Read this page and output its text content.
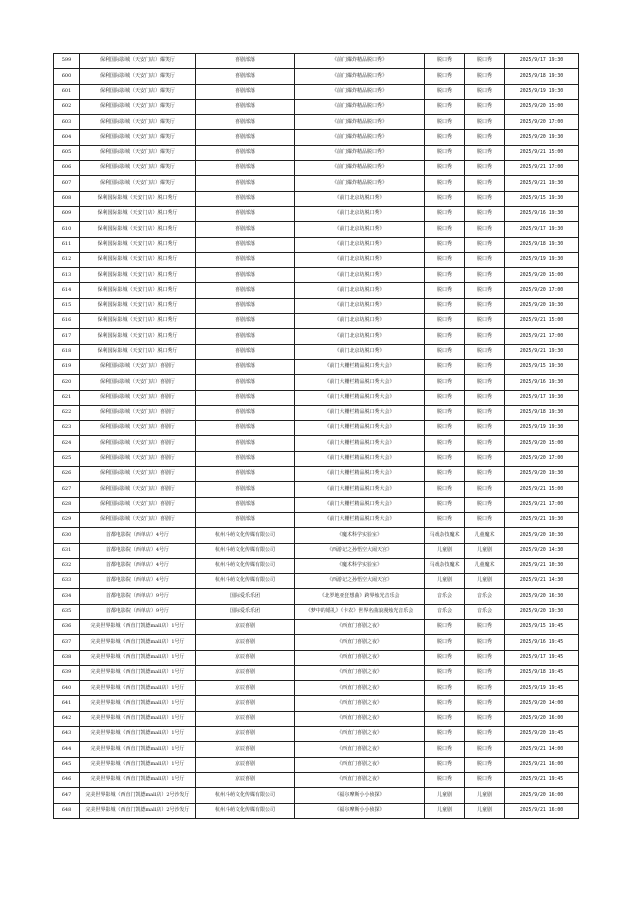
599	保利国际影城（天安门店）爆笑厅	喜剧部落	《前门爆炸精品脱口秀》	脱口秀	脱口秀	2025/9/17 19:30
600	保利国际影城（天安门店）爆笑厅	喜剧部落	《前门爆炸精品脱口秀》	脱口秀	脱口秀	2025/9/18 19:30
601	保利国际影城（天安门店）爆笑厅	喜剧部落	《前门爆炸精品脱口秀》	脱口秀	脱口秀	2025/9/19 19:30
602	保利国际影城（天安门店）爆笑厅	喜剧部落	《前门爆炸精品脱口秀》	脱口秀	脱口秀	2025/9/20 15:00
603	保利国际影城（天安门店）爆笑厅	喜剧部落	《前门爆炸精品脱口秀》	脱口秀	脱口秀	2025/9/20 17:00
604	保利国际影城（天安门店）爆笑厅	喜剧部落	《前门爆炸精品脱口秀》	脱口秀	脱口秀	2025/9/20 19:30
605	保利国际影城（天安门店）爆笑厅	喜剧部落	《前门爆炸精品脱口秀》	脱口秀	脱口秀	2025/9/21 15:00
606	保利国际影城（天安门店）爆笑厅	喜剧部落	《前门爆炸精品脱口秀》	脱口秀	脱口秀	2025/9/21 17:00
607	保利国际影城（天安门店）爆笑厅	喜剧部落	《前门爆炸精品脱口秀》	脱口秀	脱口秀	2025/9/21 19:30
608	保利国际影城（天安门店）脱口秀厅	喜剧部落	《前门北京坊脱口秀》	脱口秀	脱口秀	2025/9/15 19:30
609	保利国际影城（天安门店）脱口秀厅	喜剧部落	《前门北京坊脱口秀》	脱口秀	脱口秀	2025/9/16 19:30
610	保利国际影城（天安门店）脱口秀厅	喜剧部落	《前门北京坊脱口秀》	脱口秀	脱口秀	2025/9/17 19:30
611	保利国际影城（天安门店）脱口秀厅	喜剧部落	《前门北京坊脱口秀》	脱口秀	脱口秀	2025/9/18 19:30
612	保利国际影城（天安门店）脱口秀厅	喜剧部落	《前门北京坊脱口秀》	脱口秀	脱口秀	2025/9/19 19:30
613	保利国际影城（天安门店）脱口秀厅	喜剧部落	《前门北京坊脱口秀》	脱口秀	脱口秀	2025/9/20 15:00
614	保利国际影城（天安门店）脱口秀厅	喜剧部落	《前门北京坊脱口秀》	脱口秀	脱口秀	2025/9/20 17:00
615	保利国际影城（天安门店）脱口秀厅	喜剧部落	《前门北京坊脱口秀》	脱口秀	脱口秀	2025/9/20 19:30
616	保利国际影城（天安门店）脱口秀厅	喜剧部落	《前门北京坊脱口秀》	脱口秀	脱口秀	2025/9/21 15:00
617	保利国际影城（天安门店）脱口秀厅	喜剧部落	《前门北京坊脱口秀》	脱口秀	脱口秀	2025/9/21 17:00
618	保利国际影城（天安门店）脱口秀厅	喜剧部落	《前门北京坊脱口秀》	脱口秀	脱口秀	2025/9/21 19:30
619	保利国际影城（天安门店）喜剧厅	喜剧部落	《前门大栅栏精品脱口秀大会》	脱口秀	脱口秀	2025/9/15 19:30
620	保利国际影城（天安门店）喜剧厅	喜剧部落	《前门大栅栏精品脱口秀大会》	脱口秀	脱口秀	2025/9/16 19:30
621	保利国际影城（天安门店）喜剧厅	喜剧部落	《前门大栅栏精品脱口秀大会》	脱口秀	脱口秀	2025/9/17 19:30
622	保利国际影城（天安门店）喜剧厅	喜剧部落	《前门大栅栏精品脱口秀大会》	脱口秀	脱口秀	2025/9/18 19:30
623	保利国际影城（天安门店）喜剧厅	喜剧部落	《前门大栅栏精品脱口秀大会》	脱口秀	脱口秀	2025/9/19 19:30
624	保利国际影城（天安门店）喜剧厅	喜剧部落	《前门大栅栏精品脱口秀大会》	脱口秀	脱口秀	2025/9/20 15:00
625	保利国际影城（天安门店）喜剧厅	喜剧部落	《前门大栅栏精品脱口秀大会》	脱口秀	脱口秀	2025/9/20 17:00
626	保利国际影城（天安门店）喜剧厅	喜剧部落	《前门大栅栏精品脱口秀大会》	脱口秀	脱口秀	2025/9/20 19:30
627	保利国际影城（天安门店）喜剧厅	喜剧部落	《前门大栅栏精品脱口秀大会》	脱口秀	脱口秀	2025/9/21 15:00
628	保利国际影城（天安门店）喜剧厅	喜剧部落	《前门大栅栏精品脱口秀大会》	脱口秀	脱口秀	2025/9/21 17:00
629	保利国际影城（天安门店）喜剧厅	喜剧部落	《前门大栅栏精品脱口秀大会》	脱口秀	脱口秀	2025/9/21 19:30
630	首都电影院（西单店）4号厅	杭州斗萌文化传媒有限公司	《魔术科学实验室》	马戏杂技魔术	儿童魔术	2025/9/20 10:30
631	首都电影院（西单店）4号厅	杭州斗萌文化传媒有限公司	《西游记之孙悟空大闹天宫》	儿童剧	儿童剧	2025/9/20 14:30
632	首都电影院（西单店）4号厅	杭州斗萌文化传媒有限公司	《魔术科学实验室》	马戏杂技魔术	儿童魔术	2025/9/21 10:30
633	首都电影院（西单店）4号厅	杭州斗萌文化传媒有限公司	《西游记之孙悟空大闹天宫》	儿童剧	儿童剧	2025/9/21 14:30
634	首都电影院（西单店）9号厅	国际爱乐乐团	《北罗地亚狂想曲》跨界烛光音乐会	音乐会	音乐会	2025/9/20 16:30
635	首都电影院（西单店）9号厅	国际爱乐乐团	《梦中的婚礼》《卡农》世界名曲浪漫烛光音乐会	音乐会	音乐会	2025/9/20 19:30
636	完美世界影城（西直门凯德mall店）1号厅	京辰喜剧	《西直门喜剧之夜》	脱口秀	脱口秀	2025/9/15 19:45
637	完美世界影城（西直门凯德mall店）1号厅	京辰喜剧	《西直门喜剧之夜》	脱口秀	脱口秀	2025/9/16 19:45
638	完美世界影城（西直门凯德mall店）1号厅	京辰喜剧	《西直门喜剧之夜》	脱口秀	脱口秀	2025/9/17 19:45
639	完美世界影城（西直门凯德mall店）1号厅	京辰喜剧	《西直门喜剧之夜》	脱口秀	脱口秀	2025/9/18 19:45
640	完美世界影城（西直门凯德mall店）1号厅	京辰喜剧	《西直门喜剧之夜》	脱口秀	脱口秀	2025/9/19 19:45
641	完美世界影城（西直门凯德mall店）1号厅	京辰喜剧	《西直门喜剧之夜》	脱口秀	脱口秀	2025/9/20 14:00
642	完美世界影城（西直门凯德mall店）1号厅	京辰喜剧	《西直门喜剧之夜》	脱口秀	脱口秀	2025/9/20 16:00
643	完美世界影城（西直门凯德mall店）1号厅	京辰喜剧	《西直门喜剧之夜》	脱口秀	脱口秀	2025/9/20 19:45
644	完美世界影城（西直门凯德mall店）1号厅	京辰喜剧	《西直门喜剧之夜》	脱口秀	脱口秀	2025/9/21 14:00
645	完美世界影城（西直门凯德mall店）1号厅	京辰喜剧	《西直门喜剧之夜》	脱口秀	脱口秀	2025/9/21 16:00
646	完美世界影城（西直门凯德mall店）1号厅	京辰喜剧	《西直门喜剧之夜》	脱口秀	脱口秀	2025/9/21 19:45
647	完美世界影城（西直门凯德mall店）2号沙发厅	杭州斗萌文化传媒有限公司	《福尔摩斯小小侦探》	儿童剧	儿童剧	2025/9/20 16:00
648	完美世界影城（西直门凯德mall店）2号沙发厅	杭州斗萌文化传媒有限公司	《福尔摩斯小小侦探》	儿童剧	儿童剧	2025/9/21 16:00
